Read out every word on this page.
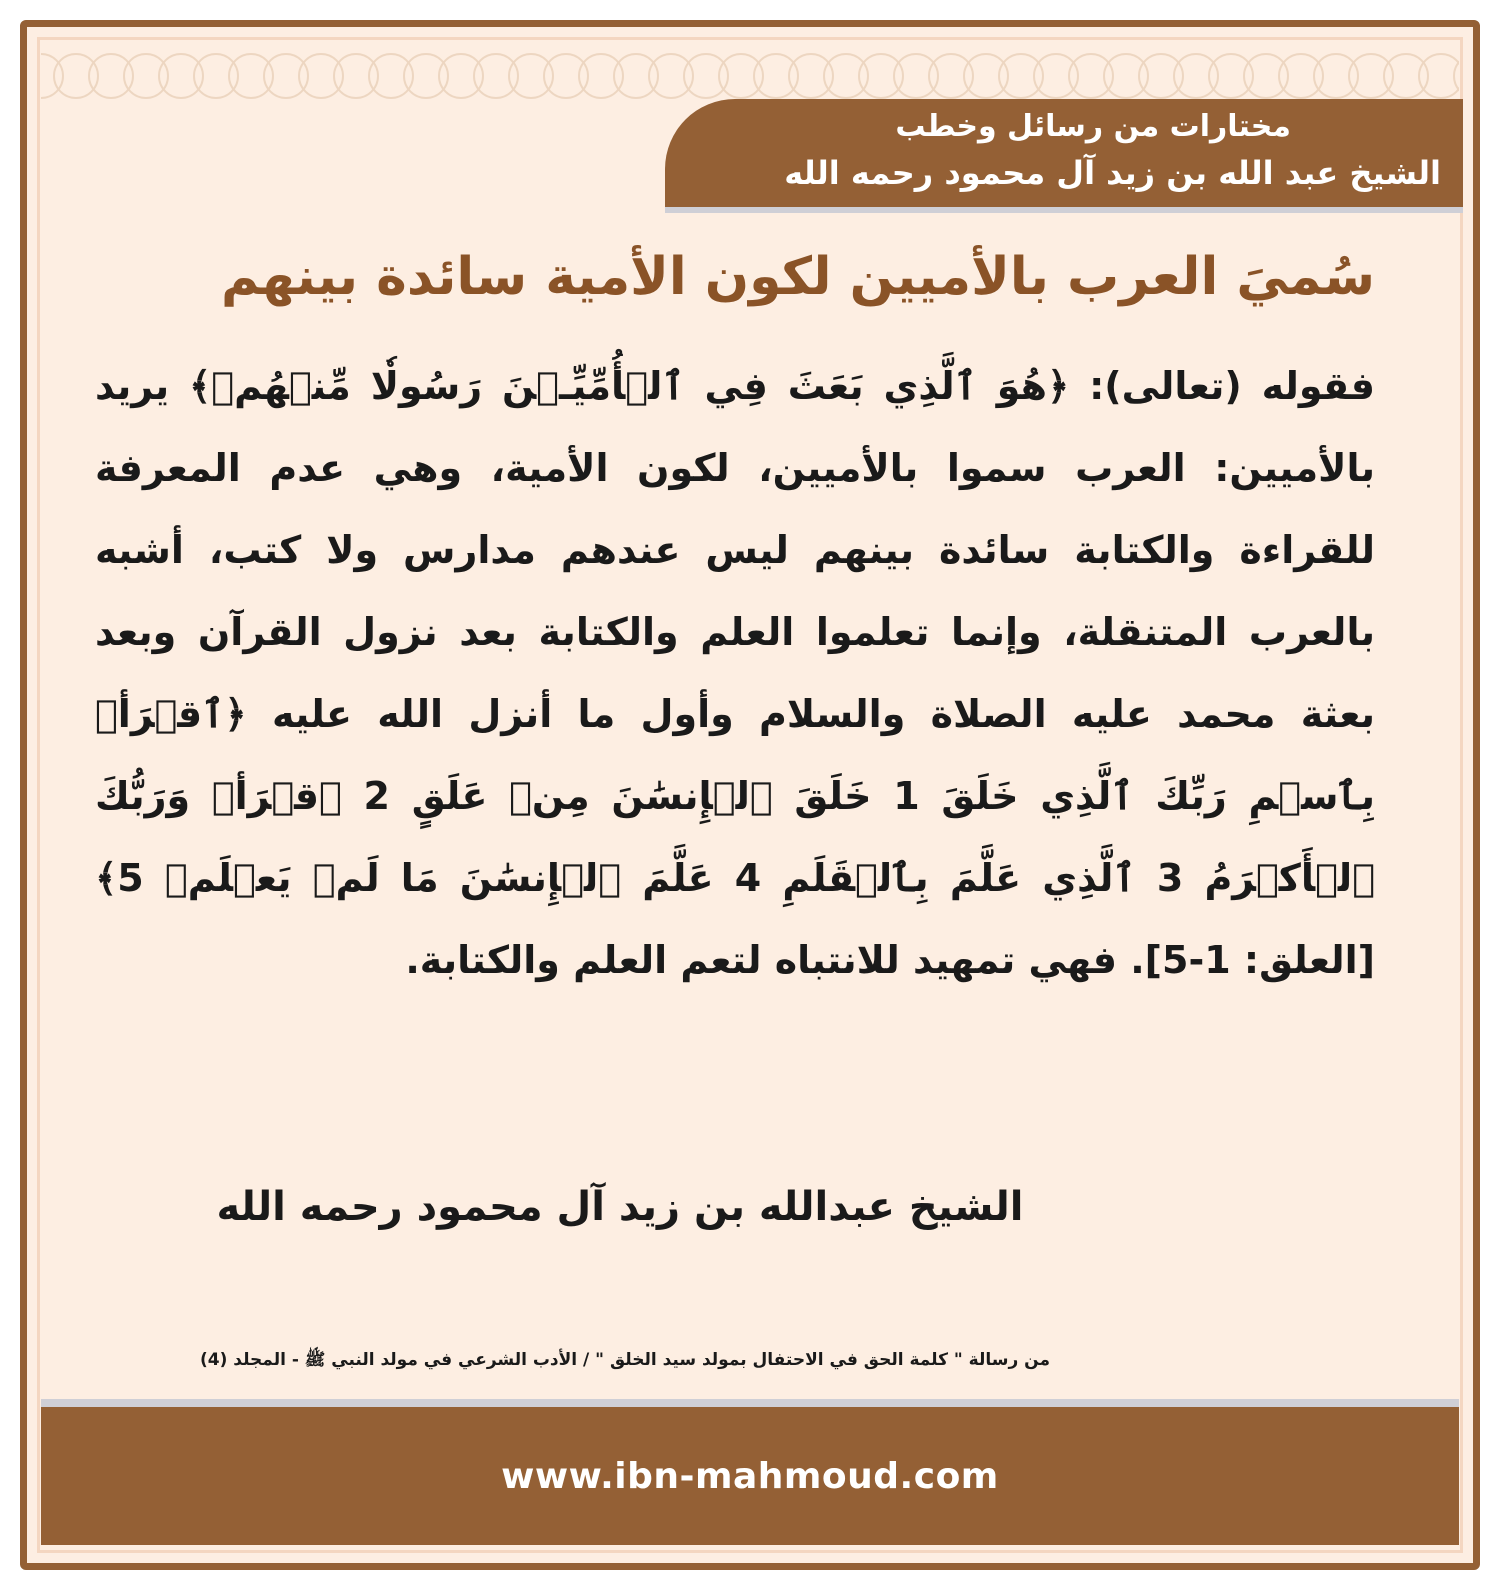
مختارات من رسائل وخطب
الشيخ عبد الله بن زيد آل محمود رحمه الله
سُميَ العرب بالأميين لكون الأمية سائدة بينهم
فقوله (تعالى): ﴿هُوَ ٱلَّذِي بَعَثَ فِي ٱلۡأُمِّيِّـۧنَ رَسُولٗا مِّنۡهُمۡ﴾ يريد بالأميين: العرب سموا بالأميين، لكون الأمية، وهي عدم المعرفة للقراءة والكتابة سائدة بينهم ليس عندهم مدارس ولا كتب، أشبه بالعرب المتنقلة، وإنما تعلموا العلم والكتابة بعد نزول القرآن وبعد بعثة محمد عليه الصلاة والسلام وأول ما أنزل الله عليه ﴿ٱقۡرَأۡ بِٱسۡمِ رَبِّكَ ٱلَّذِي خَلَقَ 1 خَلَقَ ٱلۡإِنسَٰنَ مِنۡ عَلَقٍ 2 ٱقۡرَأۡ وَرَبُّكَ ٱلۡأَكۡرَمُ 3 ٱلَّذِي عَلَّمَ بِٱلۡقَلَمِ 4 عَلَّمَ ٱلۡإِنسَٰنَ مَا لَمۡ يَعۡلَمۡ 5﴾ [العلق: 1-5]. فهي تمهيد للانتباه لتعم العلم والكتابة.
الشيخ عبدالله بن زيد آل محمود رحمه الله
من رسالة " كلمة الحق في الاحتفال بمولد سيد الخلق " / الأدب الشرعي في مولد النبي ﷺ - المجلد (4)
www.ibn-mahmoud.com
